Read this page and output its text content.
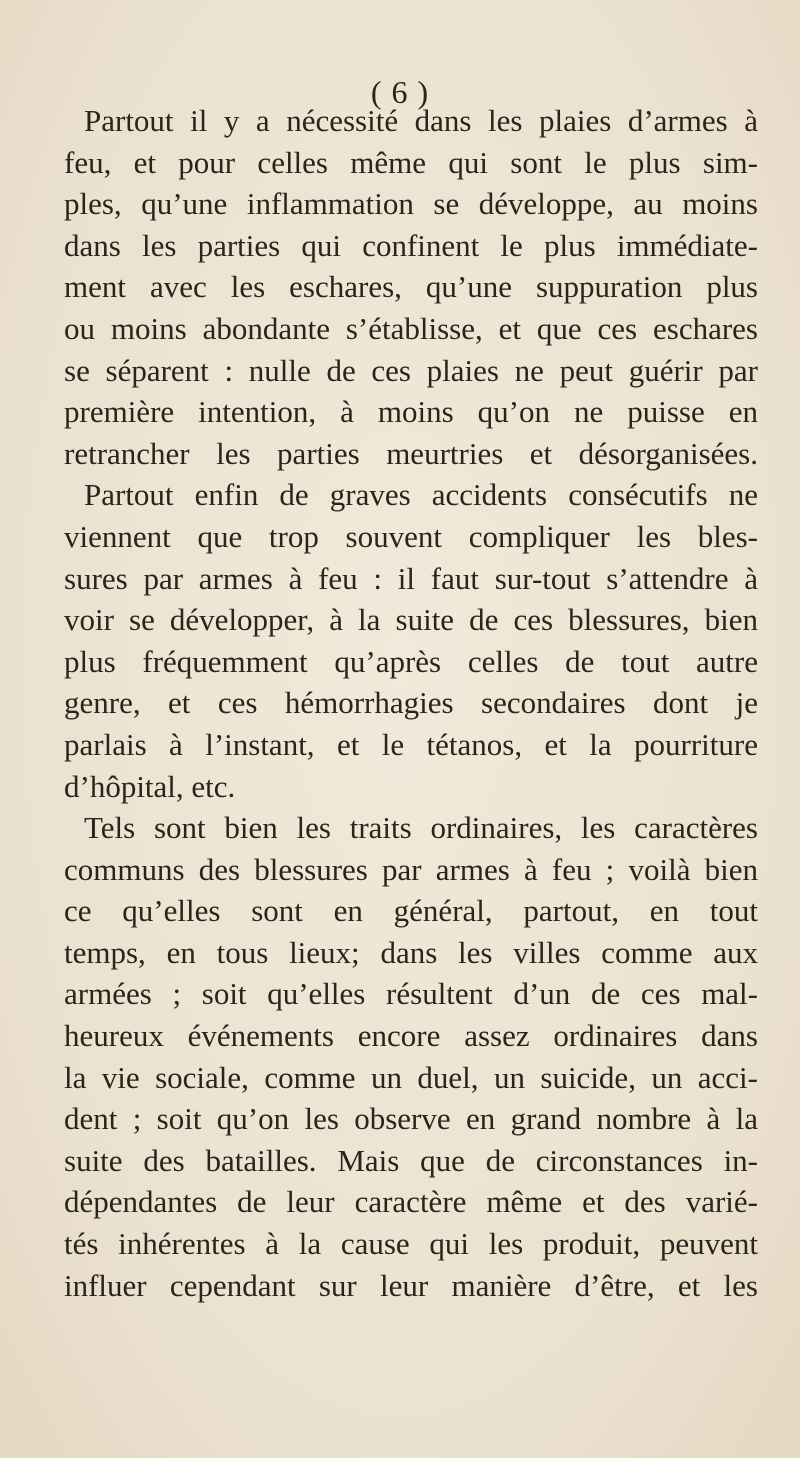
( 6 )
Partout il y a nécessité dans les plaies d’armes à
feu, et pour celles même qui sont le plus sim-
ples, qu’une inflammation se développe, au moins
dans les parties qui confinent le plus immédiate-
ment avec les eschares, qu’une suppuration plus
ou moins abondante s’établisse, et que ces eschares
se séparent : nulle de ces plaies ne peut guérir par
première intention, à moins qu’on ne puisse en
retrancher les parties meurtries et désorganisées.
Partout enfin de graves accidents consécutifs ne
viennent que trop souvent compliquer les bles-
sures par armes à feu : il faut sur-tout s’attendre à
voir se développer, à la suite de ces blessures, bien
plus fréquemment qu’après celles de tout autre
genre, et ces hémorrhagies secondaires dont je
parlais à l’instant, et le tétanos, et la pourriture
d’hôpital, etc.
Tels sont bien les traits ordinaires, les caractères
communs des blessures par armes à feu ; voilà bien
ce qu’elles sont en général, partout, en tout
temps, en tous lieux; dans les villes comme aux
armées ; soit qu’elles résultent d’un de ces mal-
heureux événements encore assez ordinaires dans
la vie sociale, comme un duel, un suicide, un acci-
dent ; soit qu’on les observe en grand nombre à la
suite des batailles. Mais que de circonstances in-
dépendantes de leur caractère même et des varié-
tés inhérentes à la cause qui les produit, peuvent
influer cependant sur leur manière d’être, et les
